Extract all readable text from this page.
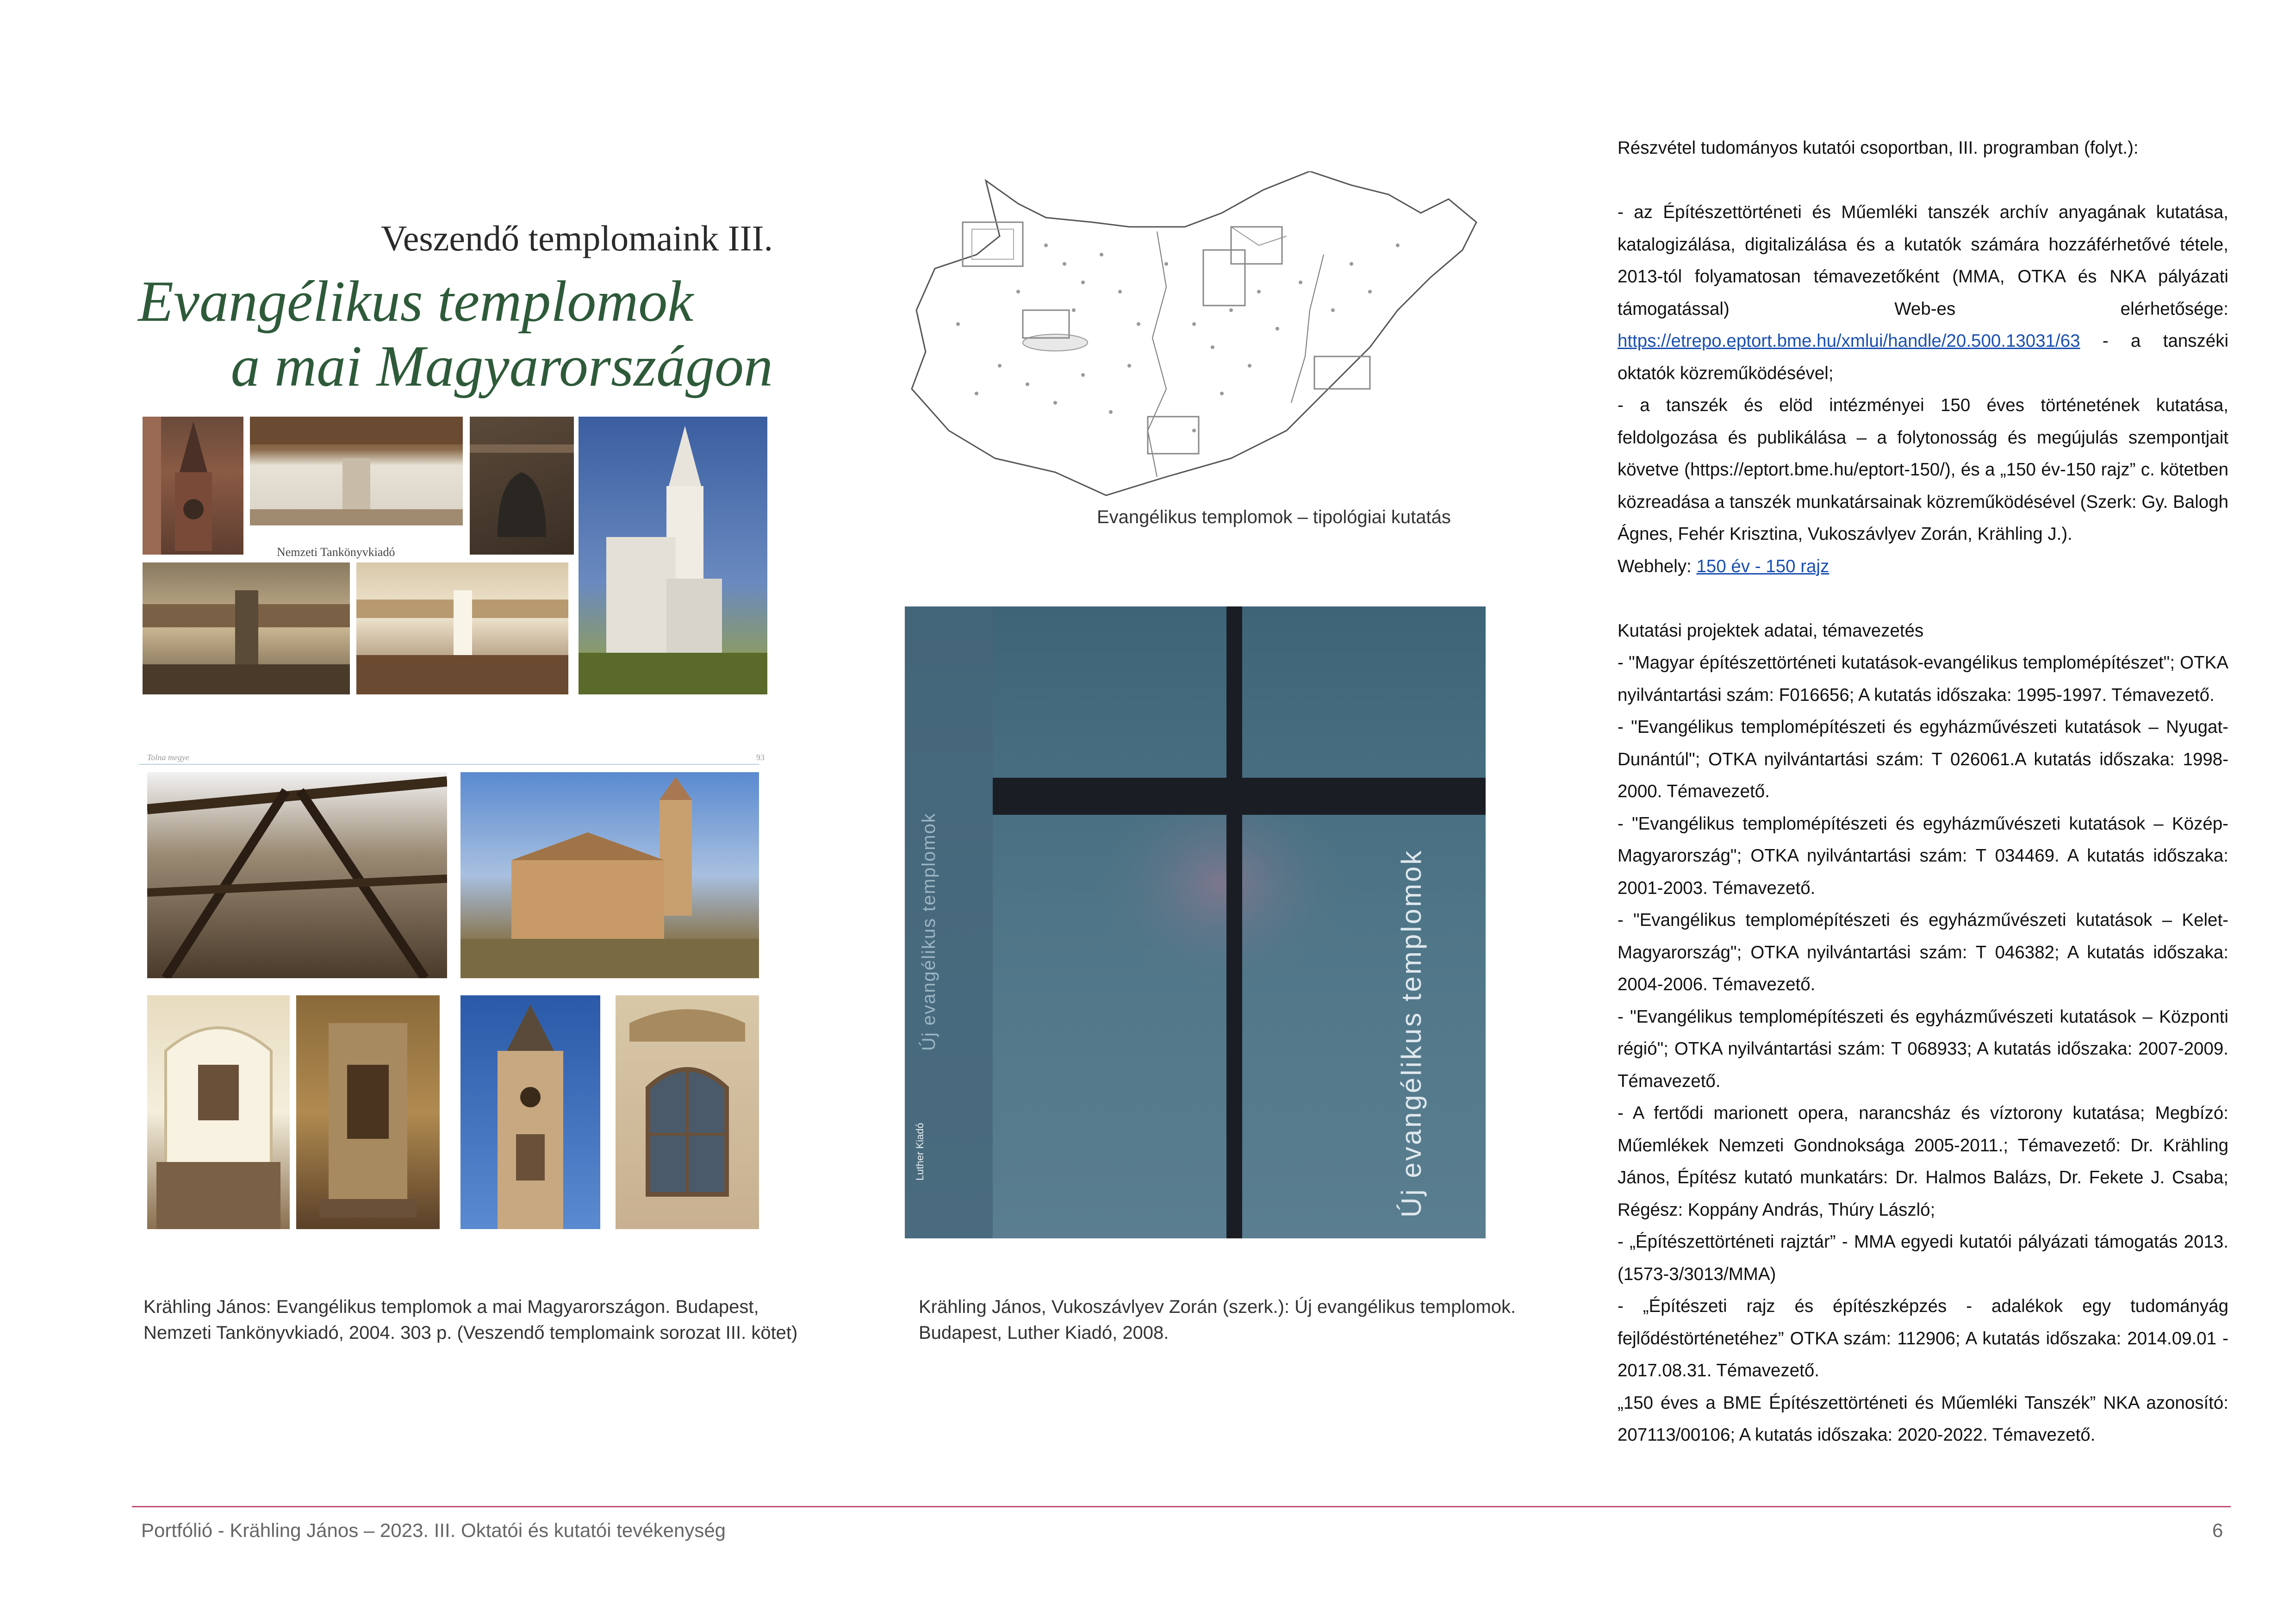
Veszendő templomaink III.
Evangélikus templomok
a mai Magyarországon
Nemzeti Tankönyvkiadó
Tolna megye	93
Krähling János: Evangélikus templomok a mai Magyarországon. Budapest,
Nemzeti Tankönyvkiadó, 2004. 303 p. (Veszendő templomaink sorozat III. kötet)
Evangélikus templomok – tipológiai kutatás
Luther Kiadó
Új evangélikus templomok	Új evangélikus templomok
Krähling János, Vukoszávlyev Zorán (szerk.): Új evangélikus templomok.
Budapest, Luther Kiadó, 2008.

Részvétel tudományos kutatói csoportban, III. programban (folyt.):

- az Építészettörténeti és Műemléki tanszék archív anyagának kutatása, katalogizálása, digitalizálása és a kutatók számára hozzáférhetővé tétele, 2013-tól folyamatosan témavezetőként (MMA, OTKA és NKA pályázati támogatással) Web-es elérhetősége: https://etrepo.eptort.bme.hu/xmlui/handle/20.500.13031/63 - a tanszéki oktatók közreműködésével;

- a tanszék és elöd intézményei 150 éves történetének kutatása, feldolgozása és publikálása – a folytonosság és megújulás szempontjait követve (https://eptort.bme.hu/eptort-150/), és a „150 év-150 rajz” c. kötetben közreadása a tanszék munkatársainak közreműködésével (Szerk: Gy. Balogh Ágnes, Fehér Krisztina, Vukoszávlyev Zorán, Krähling J.).

Webhely: 150 év - 150 rajz

Kutatási projektek adatai, témavezetés

- "Magyar építészettörténeti kutatások-evangélikus templomépítészet"; OTKA nyilvántartási szám: F016656; A kutatás időszaka: 1995-1997. Témavezető.

- "Evangélikus templomépítészeti és egyházművészeti kutatások – Nyugat-Dunántúl"; OTKA nyilvántartási szám: T 026061.A kutatás időszaka: 1998-2000. Témavezető.

- "Evangélikus templomépítészeti és egyházművészeti kutatások – Közép-Magyarország"; OTKA nyilvántartási szám: T 034469. A kutatás időszaka: 2001-2003. Témavezető.

- "Evangélikus templomépítészeti és egyházművészeti kutatások – Kelet-Magyarország"; OTKA nyilvántartási szám: T 046382; A kutatás időszaka: 2004-2006. Témavezető.

- "Evangélikus templomépítészeti és egyházművészeti kutatások – Központi régió"; OTKA nyilvántartási szám: T 068933; A kutatás időszaka: 2007-2009. Témavezető.

- A fertődi marionett opera, narancsház és víztorony kutatása; Megbízó: Műemlékek Nemzeti Gondnoksága 2005-2011.; Témavezető: Dr. Krähling János, Építész kutató munkatárs: Dr. Halmos Balázs, Dr. Fekete J. Csaba; Régész: Koppány András, Thúry László;

- „Építészettörténeti rajztár” - MMA egyedi kutatói pályázati támogatás 2013. (1573-3/3013/MMA)

- „Építészeti rajz és építészképzés - adalékok egy tudományág fejlődéstörténetéhez” OTKA szám: 112906; A kutatás időszaka: 2014.09.01 - 2017.08.31. Témavezető.

„150 éves a BME Építészettörténeti és Műemléki Tanszék” NKA azonosító: 207113/00106; A kutatás időszaka: 2020-2022. Témavezető.

Portfólió - Krähling János – 2023. III. Oktatói és kutatói tevékenység	6
